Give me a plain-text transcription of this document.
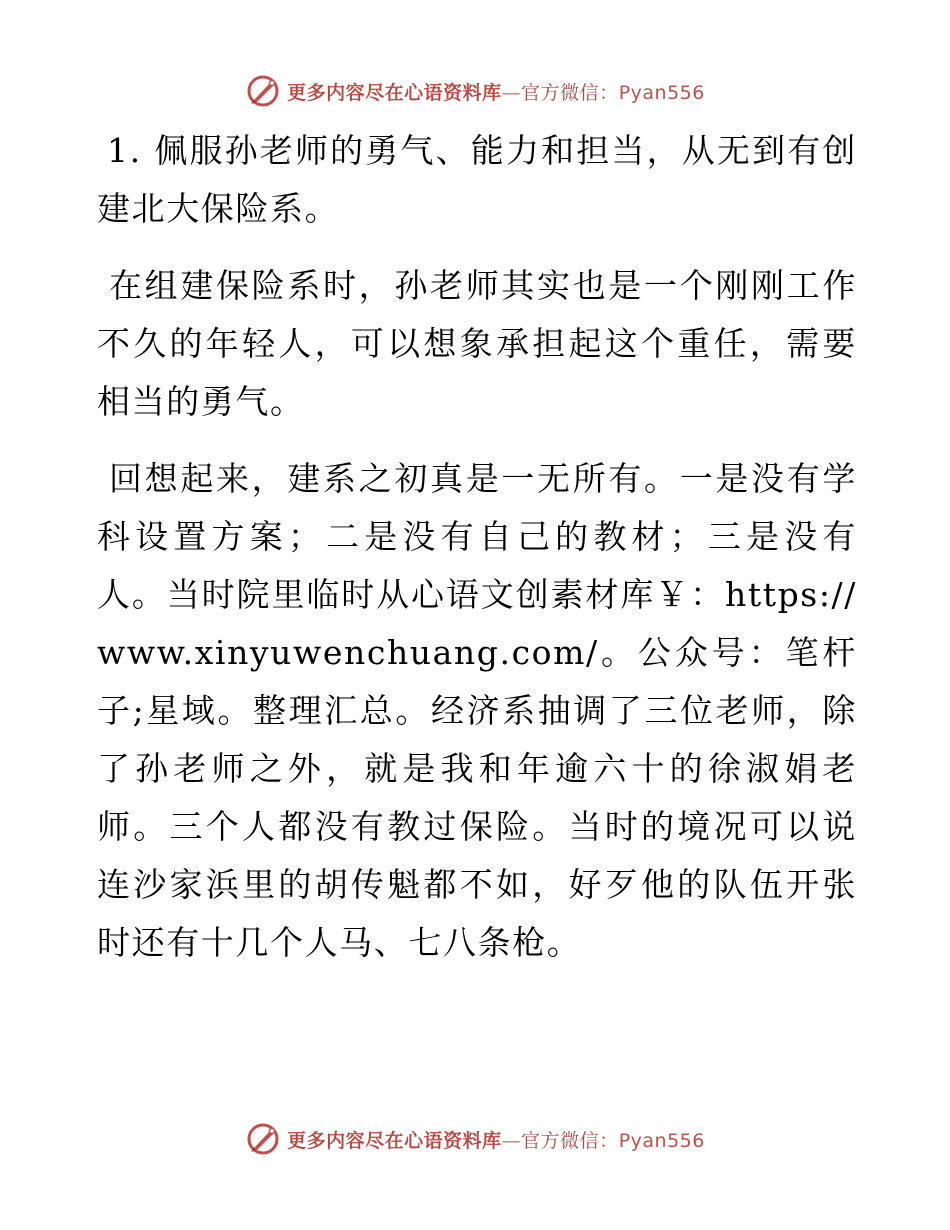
更多内容尽在心语资料库—官方微信：Pyan556

1. 佩服孙老师的勇气、能力和担当，从无到有创建北大保险系。

在组建保险系时，孙老师其实也是一个刚刚工作不久的年轻人，可以想象承担起这个重任，需要相当的勇气。

回想起来，建系之初真是一无所有。一是没有学科设置方案；二是没有自己的教材；三是没有人。当时院里临时从心语文创素材库￥：https://www.xinyuwenchuang.com/。公众号：笔杆子;星域。整理汇总。经济系抽调了三位老师，除了孙老师之外，就是我和年逾六十的徐淑娟老师。三个人都没有教过保险。当时的境况可以说连沙家浜里的胡传魁都不如，好歹他的队伍开张时还有十几个人马、七八条枪。

更多内容尽在心语资料库—官方微信：Pyan556
